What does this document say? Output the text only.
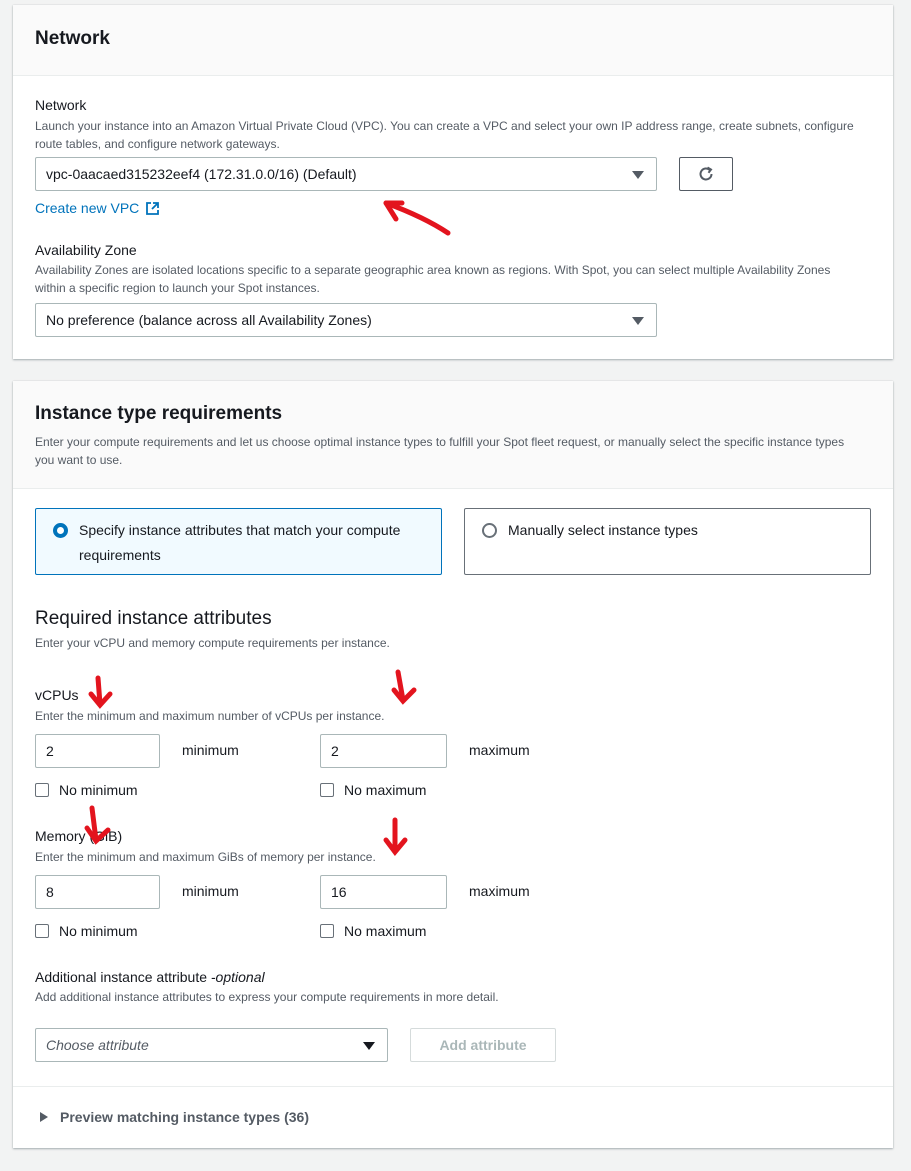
Network
Network
Launch your instance into an Amazon Virtual Private Cloud (VPC). You can create a VPC and select your own IP address range, create subnets, configure route tables, and configure network gateways.
vpc-0aacaed315232eef4 (172.31.0.0/16) (Default)
Create new VPC
Availability Zone
Availability Zones are isolated locations specific to a separate geographic area known as regions. With Spot, you can select multiple Availability Zones within a specific region to launch your Spot instances.
No preference (balance across all Availability Zones)
Instance type requirements
Enter your compute requirements and let us choose optimal instance types to fulfill your Spot fleet request, or manually select the specific instance types you want to use.
Specify instance attributes that match your compute requirements
Manually select instance types
Required instance attributes
Enter your vCPU and memory compute requirements per instance.
vCPUs
Enter the minimum and maximum number of vCPUs per instance.
2	minimum	2	maximum
No minimum	No maximum
Memory (GiB)
Enter the minimum and maximum GiBs of memory per instance.
8	minimum	16	maximum
No minimum	No maximum
Additional instance attribute -optional
Add additional instance attributes to express your compute requirements in more detail.
Choose attribute	Add attribute
Preview matching instance types (36)
